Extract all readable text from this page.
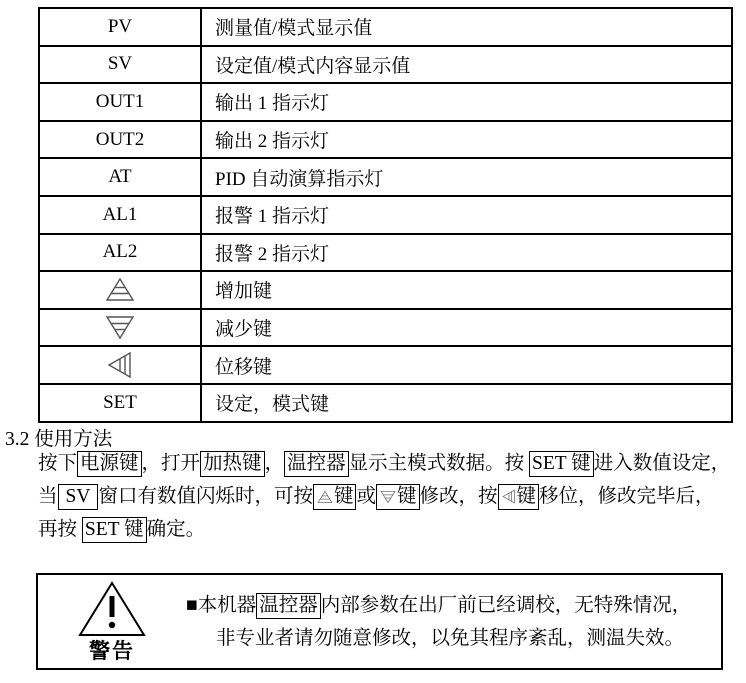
PV	测量值/模式显示值
SV	设定值/模式内容显示值
OUT1	输出 1 指示灯
OUT2	输出 2 指示灯
AT	PID 自动演算指示灯
AL1	报警 1 指示灯
AL2	报警 2 指示灯

	增加键

	减少键

	位移键
SET	设定，模式键
3.2 使用方法
按下 电源键 ，打开 加热键 ， 温控器 显示主模式数据。按 SET 键 进入数值设定，
当 SV 窗口有数值闪烁时，可按 键 或 键 修改，按 键 移位，修改完毕后，
再按 SET 键 确定。
警告
■本机器 温控器 内部参数在出厂前已经调校，无特殊情况，
非专业者请勿随意修改，以免其程序紊乱，测温失效。
